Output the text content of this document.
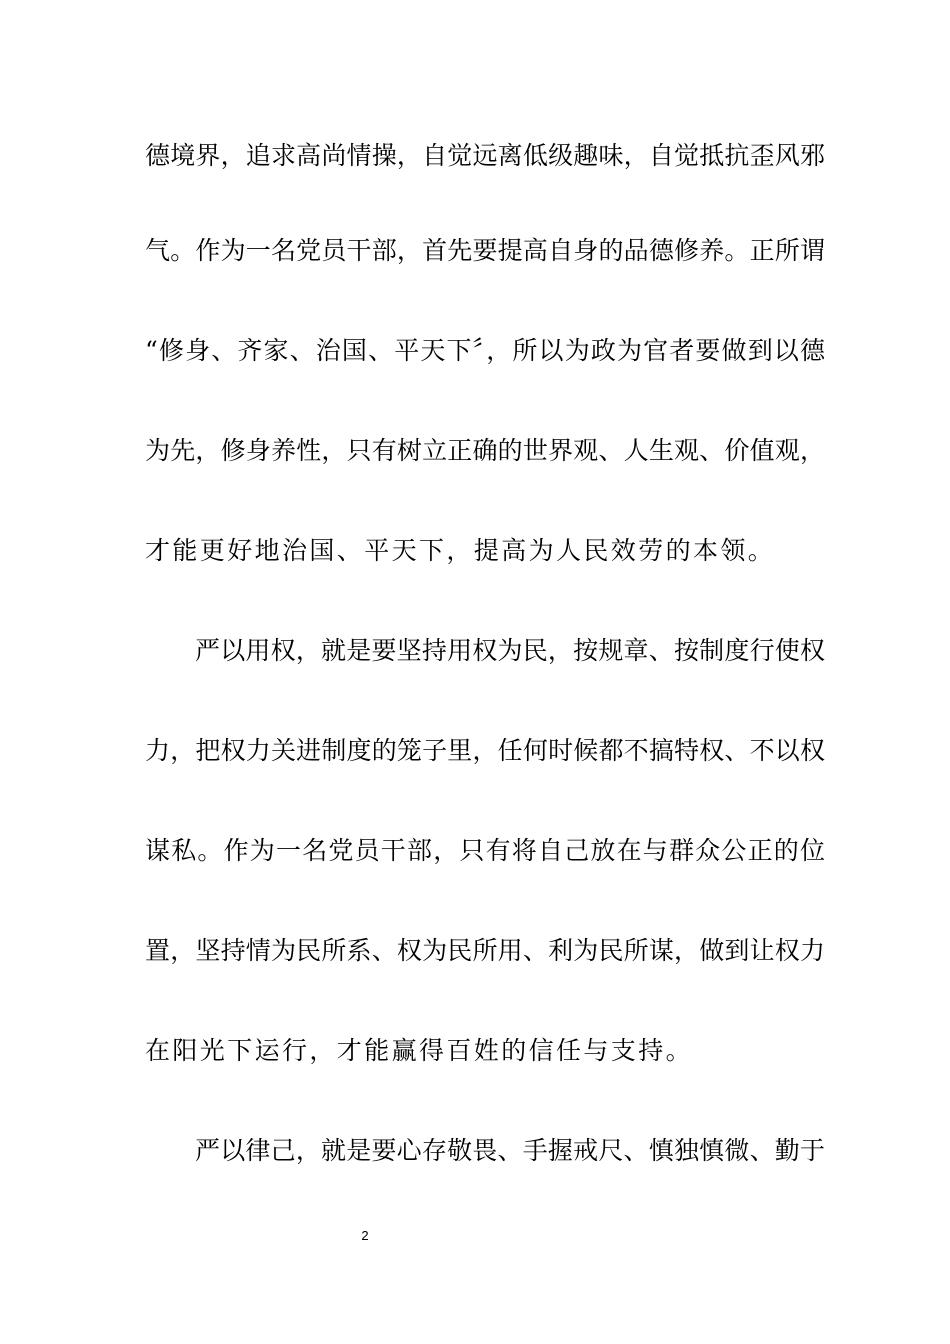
德境界，追求高尚情操，自觉远离低级趣味，自觉抵抗歪风邪
气。作为一名党员干部，首先要提高自身的品德修养。正所谓
“修身、齐家、治国、平天下〞，所以为政为官者要做到以德
为先，修身养性，只有树立正确的世界观、人生观、价值观，
才能更好地治国、平天下，提高为人民效劳的本领。
严以用权，就是要坚持用权为民，按规章、按制度行使权
力，把权力关进制度的笼子里，任何时候都不搞特权、不以权
谋私。作为一名党员干部，只有将自己放在与群众公正的位
置，坚持情为民所系、权为民所用、利为民所谋，做到让权力
在阳光下运行，才能赢得百姓的信任与支持。
严以律己，就是要心存敬畏、手握戒尺、慎独慎微、勤于
2
